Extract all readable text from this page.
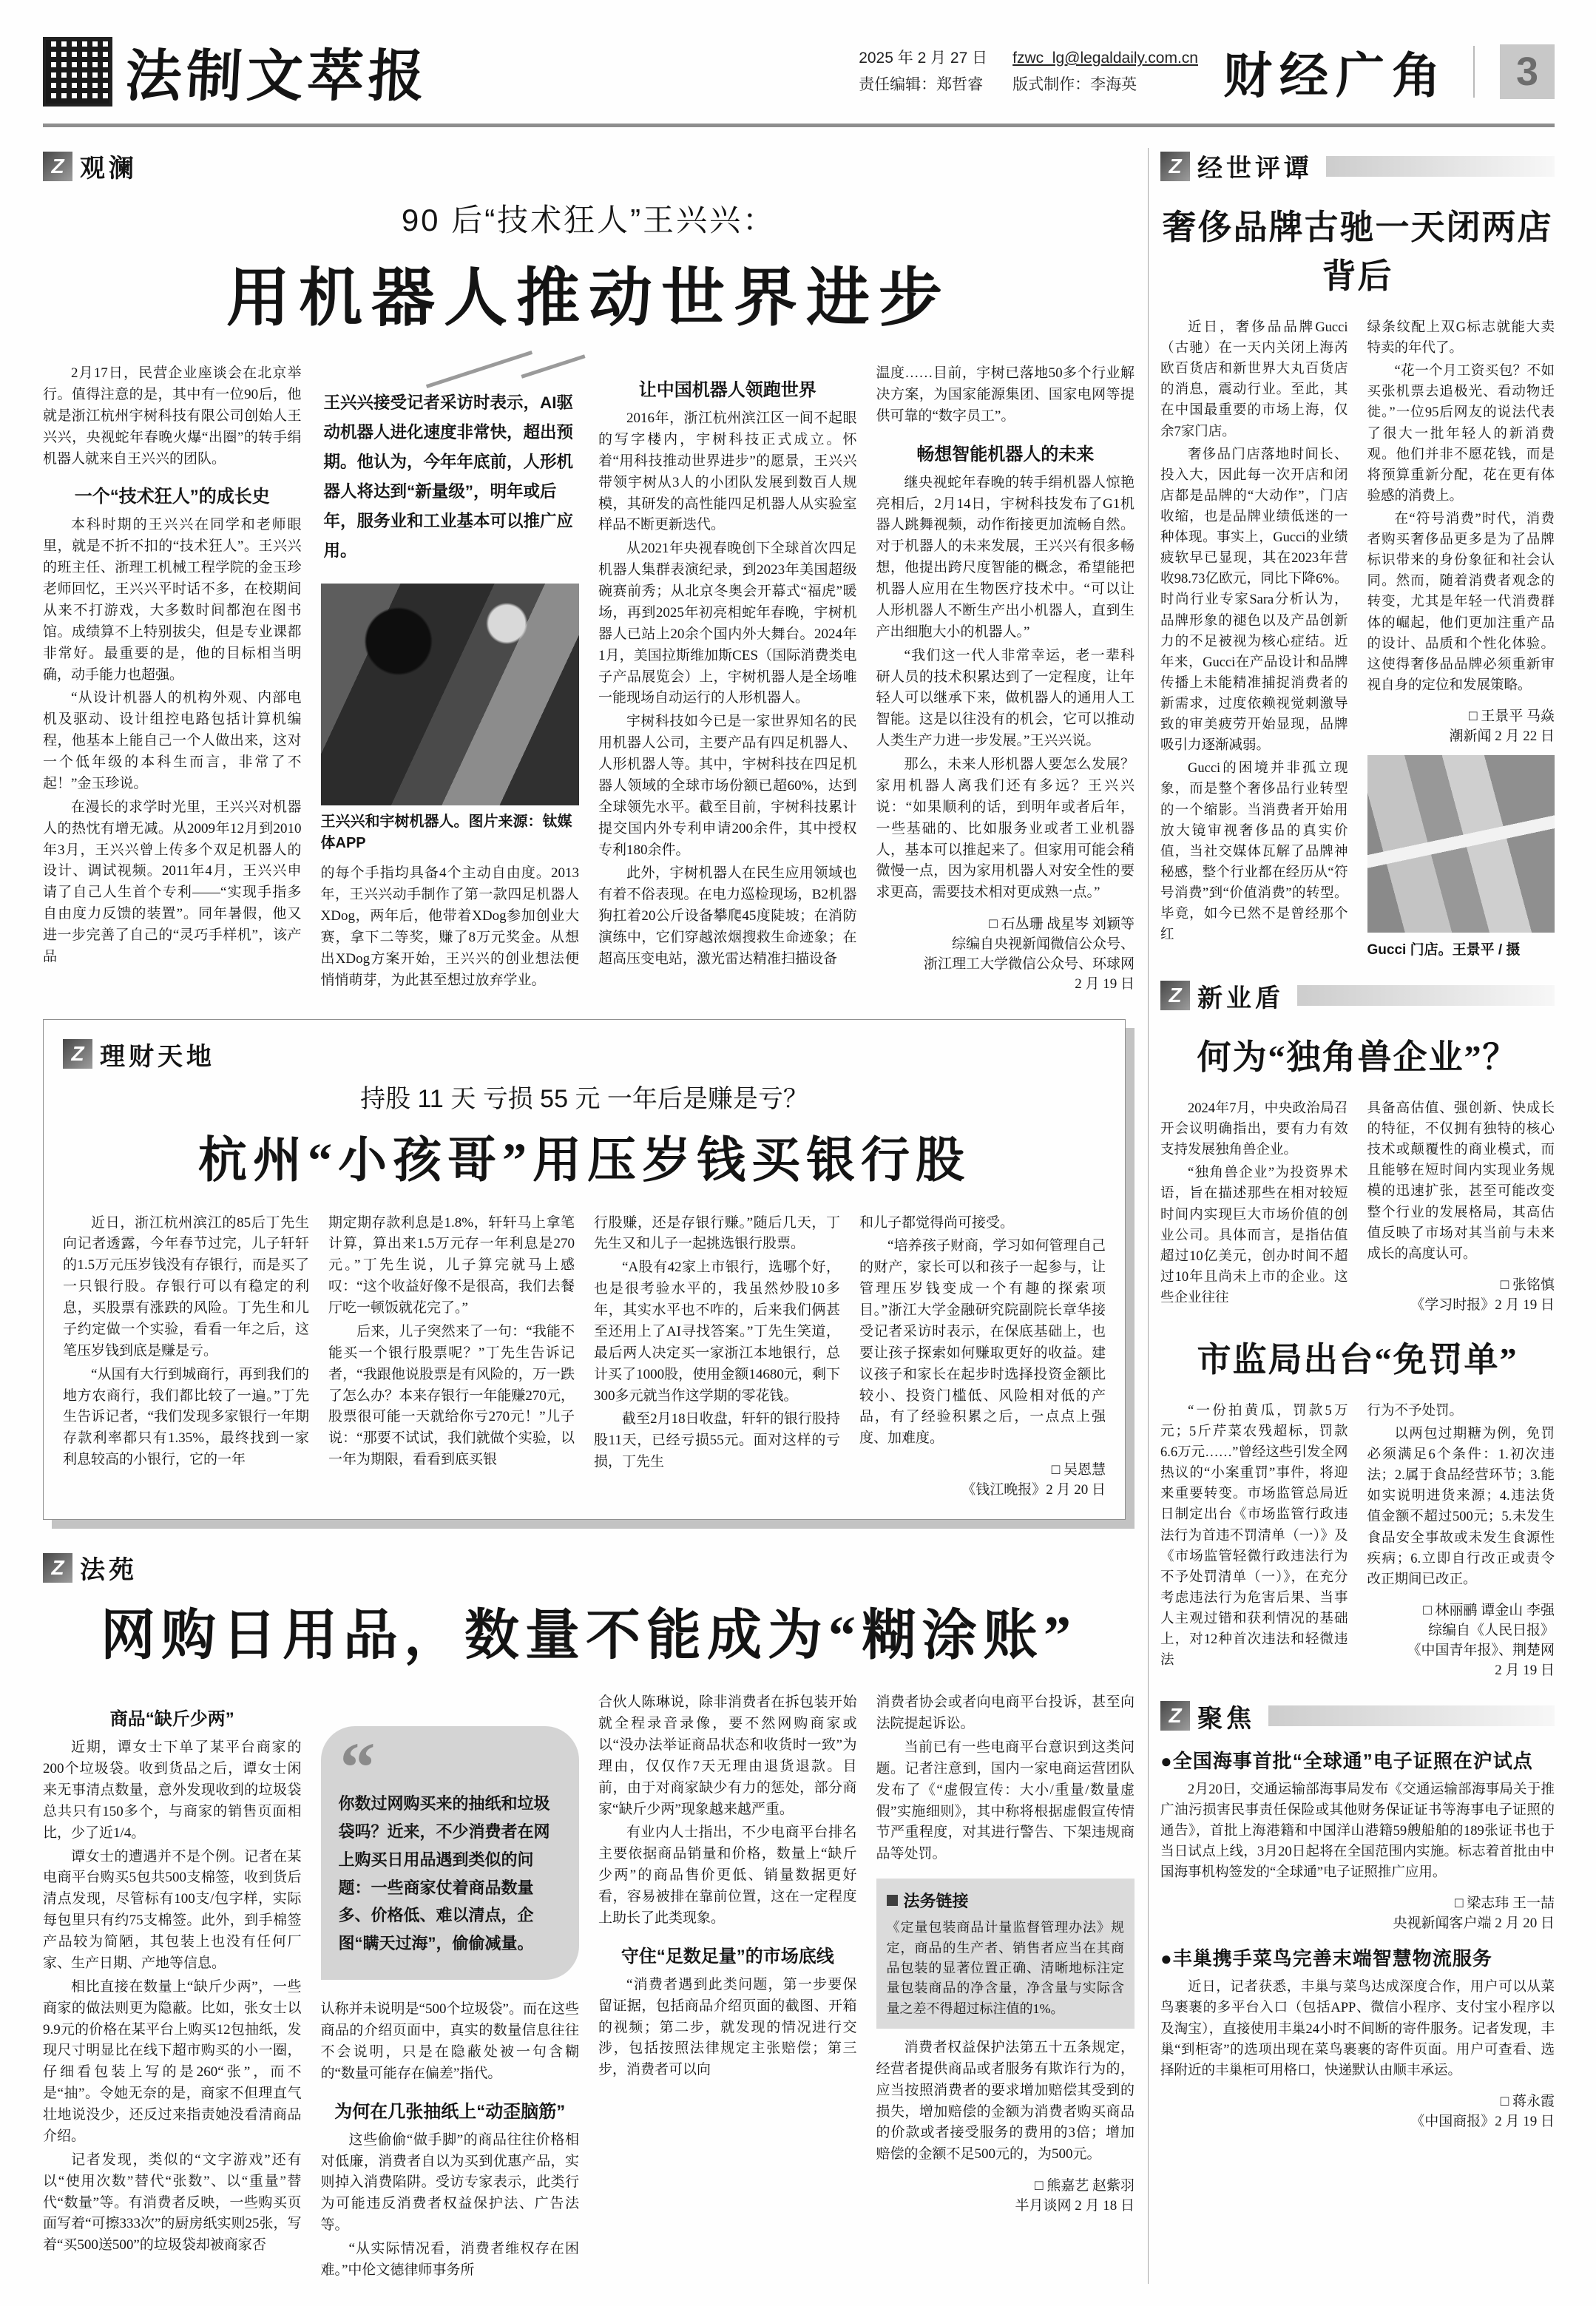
法制文萃报	2025 年 2 月 27 日
责任编辑：郑哲睿
fzwc_lg@legaldaily.com.cn
版式制作：李海英	财经广角	3
Z 观澜
90 后“技术狂人”王兴兴：
用机器人推动世界进步

2月17日，民营企业座谈会在北京举行。值得注意的是，其中有一位90后，他就是浙江杭州宇树科技有限公司创始人王兴兴，央视蛇年春晚火爆“出圈”的转手绢机器人就来自王兴兴的团队。

一个“技术狂人”的成长史

本科时期的王兴兴在同学和老师眼里，就是不折不扣的“技术狂人”。王兴兴的班主任、浙理工机械工程学院的金玉珍老师回忆，王兴兴平时话不多，在校期间从来不打游戏，大多数时间都泡在图书馆。成绩算不上特别拔尖，但是专业课都非常好。最重要的是，他的目标相当明确，动手能力也超强。

“从设计机器人的机构外观、内部电机及驱动、设计组控电路包括计算机编程，他基本上能自己一个人做出来，这对一个低年级的本科生而言，非常了不起！”金玉珍说。

在漫长的求学时光里，王兴兴对机器人的热忱有增无减。从2009年12月到2010年3月，王兴兴曾上传多个双足机器人的设计、调试视频。2011年4月，王兴兴申请了自己人生首个专利——“实现手指多自由度力反馈的装置”。同年暑假，他又进一步完善了自己的“灵巧手样机”，该产品

王兴兴接受记者采访时表示，AI驱动机器人进化速度非常快，超出预期。他认为，今年年底前，人形机器人将达到“新量级”，明年或后年，服务业和工业基本可以推广应用。
王兴兴和宇树机器人。图片来源：钛媒体APP

的每个手指均具备4个主动自由度。2013年，王兴兴动手制作了第一款四足机器人XDog，两年后，他带着XDog参加创业大赛，拿下二等奖，赚了8万元奖金。从想出XDog方案开始，王兴兴的创业想法便悄悄萌芽，为此甚至想过放弃学业。

让中国机器人领跑世界

2016年，浙江杭州滨江区一间不起眼的写字楼内，宇树科技正式成立。怀着“用科技推动世界进步”的愿景，王兴兴带领宇树从3人的小团队发展到数百人规模，其研发的高性能四足机器人从实验室样品不断更新迭代。

从2021年央视春晚创下全球首次四足机器人集群表演纪录，到2023年美国超级碗赛前秀；从北京冬奥会开幕式“福虎”暖场，再到2025年初亮相蛇年春晚，宇树机器人已站上20余个国内外大舞台。2024年1月，美国拉斯维加斯CES（国际消费类电子产品展览会）上，宇树机器人是全场唯一能现场自动运行的人形机器人。

宇树科技如今已是一家世界知名的民用机器人公司，主要产品有四足机器人、人形机器人等。其中，宇树科技在四足机器人领域的全球市场份额已超60%，达到全球领先水平。截至目前，宇树科技累计提交国内外专利申请200余件，其中授权专利180余件。

此外，宇树机器人在民生应用领域也有着不俗表现。在电力巡检现场，B2机器狗扛着20公斤设备攀爬45度陡坡；在消防演练中，它们穿越浓烟搜救生命迹象；在超高压变电站，激光雷达精准扫描设备

温度……目前，宇树已落地50多个行业解决方案，为国家能源集团、国家电网等提供可靠的“数字员工”。

畅想智能机器人的未来

继央视蛇年春晚的转手绢机器人惊艳亮相后，2月14日，宇树科技发布了G1机器人跳舞视频，动作衔接更加流畅自然。对于机器人的未来发展，王兴兴有很多畅想，他提出跨尺度智能的概念，希望能把机器人应用在生物医疗技术中。“可以让人形机器人不断生产出小机器人，直到生产出细胞大小的机器人。”

“我们这一代人非常幸运，老一辈科研人员的技术积累达到了一定程度，让年轻人可以继承下来，做机器人的通用人工智能。这是以往没有的机会，它可以推动人类生产力进一步发展。”王兴兴说。

那么，未来人形机器人要怎么发展？家用机器人离我们还有多远？王兴兴说：“如果顺利的话，到明年或者后年，一些基础的、比如服务业或者工业机器人，基本可以推起来了。但家用可能会稍微慢一点，因为家用机器人对安全性的要求更高，需要技术相对更成熟一点。”

□ 石丛珊 战星岑 刘颖等
综编自央视新闻微信公众号、
浙江理工大学微信公众号、环球网
2 月 19 日
Z 理财天地
持股 11 天 亏损 55 元 一年后是赚是亏？
杭州“小孩哥”用压岁钱买银行股

近日，浙江杭州滨江的85后丁先生向记者透露，今年春节过完，儿子轩轩的1.5万元压岁钱没有存银行，而是买了一只银行股。存银行可以有稳定的利息，买股票有涨跌的风险。丁先生和儿子约定做一个实验，看看一年之后，这笔压岁钱到底是赚是亏。

“从国有大行到城商行，再到我们的地方农商行，我们都比较了一遍。”丁先生告诉记者，“我们发现多家银行一年期存款利率都只有1.35%，最终找到一家利息较高的小银行，它的一年

期定期存款利息是1.8%，轩轩马上拿笔计算，算出来1.5万元存一年利息是270元。”丁先生说，儿子算完就马上感叹：“这个收益好像不是很高，我们去餐厅吃一顿饭就花完了。”

后来，儿子突然来了一句：“我能不能买一个银行股票呢？”丁先生告诉记者，“我跟他说股票是有风险的，万一跌了怎么办？本来存银行一年能赚270元，股票很可能一天就给你亏270元！”儿子说：“那要不试试，我们就做个实验，以一年为期限，看看到底买银

行股赚，还是存银行赚。”随后几天，丁先生又和儿子一起挑选银行股票。

“A股有42家上市银行，选哪个好，也是很考验水平的，我虽然炒股10多年，其实水平也不咋的，后来我们俩甚至还用上了AI寻找答案。”丁先生笑道，最后两人决定买一家浙江本地银行，总计买了1000股，使用金额14680元，剩下300多元就当作这学期的零花钱。

截至2月18日收盘，轩轩的银行股持股11天，已经亏损55元。面对这样的亏损，丁先生

和儿子都觉得尚可接受。

“培养孩子财商，学习如何管理自己的财产，家长可以和孩子一起参与，让管理压岁钱变成一个有趣的探索项目。”浙江大学金融研究院副院长章华接受记者采访时表示，在保底基础上，也要让孩子探索如何赚取更好的收益。建议孩子和家长在起步时选择投资金额比较小、投资门槛低、风险相对低的产品，有了经验积累之后，一点点上强度、加难度。

□ 吴恩慧
《钱江晚报》2 月 20 日
Z 法苑
网购日用品，数量不能成为“糊涂账”
商品“缺斤少两”

近期，谭女士下单了某平台商家的200个垃圾袋。收到货品之后，谭女士闲来无事清点数量，意外发现收到的垃圾袋总共只有150多个，与商家的销售页面相比，少了近1/4。

谭女士的遭遇并不是个例。记者在某电商平台购买5包共500支棉签，收到货后清点发现，尽管标有100支/包字样，实际每包里只有约75支棉签。此外，到手棉签产品较为简陋，其包装上也没有任何厂家、生产日期、产地等信息。

相比直接在数量上“缺斤少两”，一些商家的做法则更为隐蔽。比如，张女士以9.9元的价格在某平台上购买12包抽纸，发现尺寸明显比在线下超市购买的小一圈，仔细看包装上写的是260“张”，而不是“抽”。令她无奈的是，商家不但理直气壮地说没少，还反过来指责她没看清商品介绍。

记者发现，类似的“文字游戏”还有以“使用次数”替代“张数”、以“重量”替代“数量”等。有消费者反映，一些购买页面写着“可擦333次”的厨房纸实则25张，写着“买500送500”的垃圾袋却被商家否

“
你数过网购买来的抽纸和垃圾袋吗？近来，不少消费者在网上购买日用品遇到类似的问题：一些商家仗着商品数量多、价格低、难以清点，企图“瞒天过海”，偷偷减量。

认称并未说明是“500个垃圾袋”。而在这些商品的介绍页面中，真实的数量信息往往不会说明，只是在隐蔽处被一句含糊的“数量可能存在偏差”指代。

为何在几张抽纸上“动歪脑筋”

这些偷偷“做手脚”的商品往往价格相对低廉，消费者自以为买到优惠产品，实则掉入消费陷阱。受访专家表示，此类行为可能违反消费者权益保护法、广告法等。

“从实际情况看，消费者维权存在困难。”中伦文德律师事务所

合伙人陈琳说，除非消费者在拆包装开始就全程录音录像，要不然网购商家或以“没办法举证商品状态和收货时一致”为理由，仅仅作7天无理由退货退款。目前，由于对商家缺少有力的惩处，部分商家“缺斤少两”现象越来越严重。

有业内人士指出，不少电商平台排名主要依据商品销量和价格，数量上“缺斤少两”的商品售价更低、销量数据更好看，容易被排在靠前位置，这在一定程度上助长了此类现象。

守住“足数足量”的市场底线

“消费者遇到此类问题，第一步要保留证据，包括商品介绍页面的截图、开箱的视频；第二步，就发现的情况进行交涉，包括按照法律规定主张赔偿；第三步，消费者可以向

消费者协会或者向电商平台投诉，甚至向法院提起诉讼。

当前已有一些电商平台意识到这类问题。记者注意到，国内一家电商运营团队发布了《“虚假宣传：大小/重量/数量虚假”实施细则》，其中称将根据虚假宣传情节严重程度，对其进行警告、下架违规商品等处罚。

法务链接

《定量包装商品计量监督管理办法》规定，商品的生产者、销售者应当在其商品包装的显著位置正确、清晰地标注定量包装商品的净含量，净含量与实际含量之差不得超过标注值的1%。

消费者权益保护法第五十五条规定，经营者提供商品或者服务有欺诈行为的，应当按照消费者的要求增加赔偿其受到的损失，增加赔偿的金额为消费者购买商品的价款或者接受服务的费用的3倍；增加赔偿的金额不足500元的，为500元。

□ 熊嘉艺 赵紫羽
半月谈网 2 月 18 日
Z 经世评谭
奢侈品牌古驰一天闭两店背后

近日，奢侈品品牌Gucci（古驰）在一天内关闭上海芮欧百货店和新世界大丸百货店的消息，震动行业。至此，其在中国最重要的市场上海，仅余7家门店。

奢侈品门店落地时间长、投入大，因此每一次开店和闭店都是品牌的“大动作”，门店收缩，也是品牌业绩低迷的一种体现。事实上，Gucci的业绩疲软早已显现，其在2023年营收98.73亿欧元，同比下降6%。时尚行业专家Sara分析认为，品牌形象的褪色以及产品创新力的不足被视为核心症结。近年来，Gucci在产品设计和品牌传播上未能精准捕捉消费者的新需求，过度依赖视觉刺激导致的审美疲劳开始显现，品牌吸引力逐渐减弱。

Gucci的困境并非孤立现象，而是整个奢侈品行业转型的一个缩影。当消费者开始用放大镜审视奢侈品的真实价值，当社交媒体瓦解了品牌神秘感，整个行业都在经历从“符号消费”到“价值消费”的转型。毕竟，如今已然不是曾经那个红

绿条纹配上双G标志就能大卖特卖的年代了。

“花一个月工资买包？不如买张机票去追极光、看动物迁徙。”一位95后网友的说法代表了很大一批年轻人的新消费观。他们并非不愿花钱，而是将预算重新分配，花在更有体验感的消费上。

在“符号消费”时代，消费者购买奢侈品更多是为了品牌标识带来的身份象征和社会认同。然而，随着消费者观念的转变，尤其是年轻一代消费群体的崛起，他们更加注重产品的设计、品质和个性化体验。这使得奢侈品品牌必须重新审视自身的定位和发展策略。

□ 王景平 马焱
潮新闻 2 月 22 日
Gucci 门店。王景平 / 摄
Z 新业盾
何为“独角兽企业”？

2024年7月，中央政治局召开会议明确指出，要有力有效支持发展独角兽企业。

“独角兽企业”为投资界术语，旨在描述那些在相对较短时间内实现巨大市场价值的创业公司。具体而言，是指估值超过10亿美元，创办时间不超过10年且尚未上市的企业。这些企业往往

具备高估值、强创新、快成长的特征，不仅拥有独特的核心技术或颠覆性的商业模式，而且能够在短时间内实现业务规模的迅速扩张，甚至可能改变整个行业的发展格局，其高估值反映了市场对其当前与未来成长的高度认可。

□ 张铭慎
《学习时报》2 月 19 日
市监局出台“免罚单”

“一份拍黄瓜，罚款5万元；5斤芹菜农残超标，罚款6.6万元……”曾经这些引发全网热议的“小案重罚”事件，将迎来重要转变。市场监管总局近日制定出台《市场监管行政违法行为首违不罚清单（一）》及《市场监管轻微行政违法行为不予处罚清单（一）》，在充分考虑违法行为危害后果、当事人主观过错和获利情况的基础上，对12种首次违法和轻微违法

行为不予处罚。

以两包过期糖为例，免罚必须满足6个条件：1.初次违法；2.属于食品经营环节；3.能如实说明进货来源；4.违法货值金额不超过500元；5.未发生食品安全事故或未发生食源性疾病；6.立即自行改正或责令改正期间已改正。

□ 林丽鹂 谭金山 李强
综编自《人民日报》
《中国青年报》、荆楚网
2 月 19 日
Z 聚焦
●全国海事首批“全球通”电子证照在沪试点

2月20日，交通运输部海事局发布《交通运输部海事局关于推广油污损害民事责任保险或其他财务保证证书等海事电子证照的通告》，首批上海港籍和中国洋山港籍59艘船舶的189张证书也于当日试点上线，3月20日起将在全国范围内实施。标志着首批由中国海事机构签发的“全球通”电子证照推广应用。

□ 梁志玮 王一喆
央视新闻客户端 2 月 20 日
●丰巢携手菜鸟完善末端智慧物流服务

近日，记者获悉，丰巢与菜鸟达成深度合作，用户可以从菜鸟裹裹的多平台入口（包括APP、微信小程序、支付宝小程序以及淘宝），直接使用丰巢24小时不间断的寄件服务。记者发现，丰巢“到柜寄”的选项出现在菜鸟裹裹的寄件页面。用户可查看、选择附近的丰巢柜可用格口，快递默认由顺丰承运。

□ 蒋永霞
《中国商报》2 月 19 日
